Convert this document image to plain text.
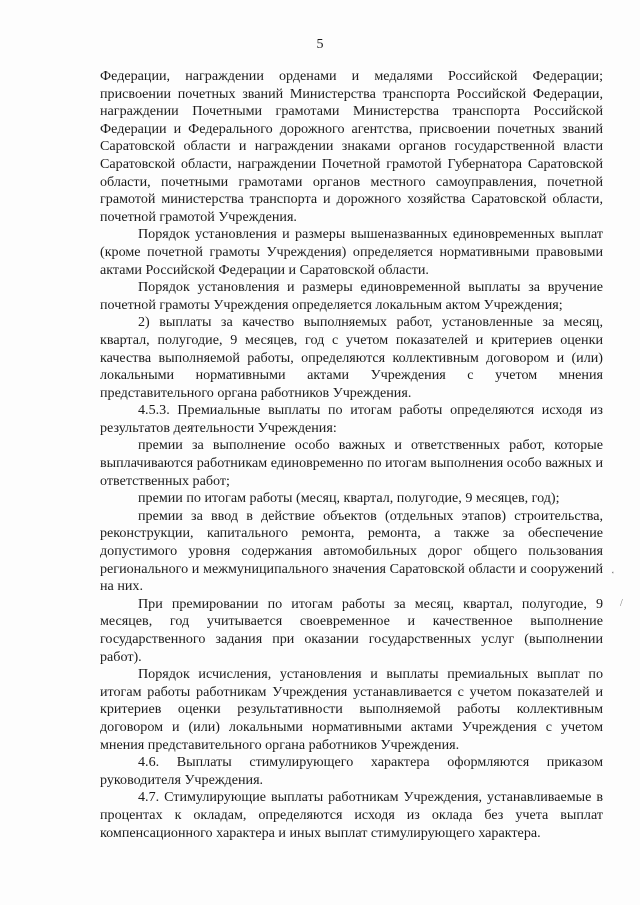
5

Федерации, награждении орденами и медалями Российской Федерации; присвоении почетных званий Министерства транспорта Российской Федерации, награждении Почетными грамотами Министерства транспорта Российской Федерации и Федерального дорожного агентства, присвоении почетных званий Саратовской области и награждении знаками органов государственной власти Саратовской области, награждении Почетной грамотой Губернатора Саратовской области, почетными грамотами органов местного самоуправления, почетной грамотой министерства транспорта и дорожного хозяйства Саратовской области, почетной грамотой Учреждения.

Порядок установления и размеры вышеназванных единовременных выплат (кроме почетной грамоты Учреждения) определяется нормативными правовыми актами Российской Федерации и Саратовской области.

Порядок установления и размеры единовременной выплаты за вручение почетной грамоты Учреждения определяется локальным актом Учреждения;

2) выплаты за качество выполняемых работ, установленные за месяц, квартал, полугодие, 9 месяцев, год с учетом показателей и критериев оценки качества выполняемой работы, определяются коллективным договором и (или) локальными нормативными актами Учреждения с учетом мнения представительного органа работников Учреждения.

4.5.3. Премиальные выплаты по итогам работы определяются исходя из результатов деятельности Учреждения:

премии за выполнение особо важных и ответственных работ, которые выплачиваются работникам единовременно по итогам выполнения особо важных и ответственных работ;

премии по итогам работы (месяц, квартал, полугодие, 9 месяцев, год);

премии за ввод в действие объектов (отдельных этапов) строительства, реконструкции, капитального ремонта, ремонта, а также за обеспечение допустимого уровня содержания автомобильных дорог общего пользования регионального и межмуниципального значения Саратовской области и сооружений на них.

При премировании по итогам работы за месяц, квартал, полугодие, 9 месяцев, год учитывается своевременное и качественное выполнение государственного задания при оказании государственных услуг (выполнении работ).

Порядок исчисления, установления и выплаты премиальных выплат по итогам работы работникам Учреждения устанавливается с учетом показателей и критериев оценки результативности выполняемой работы коллективным договором и (или) локальными нормативными актами Учреждения с учетом мнения представительного органа работников Учреждения.

4.6. Выплаты стимулирующего характера оформляются приказом руководителя Учреждения.

4.7. Стимулирующие выплаты работникам Учреждения, устанавливаемые в процентах к окладам, определяются исходя из оклада без учета выплат компенсационного характера и иных выплат стимулирующего характера.

⸼
/
